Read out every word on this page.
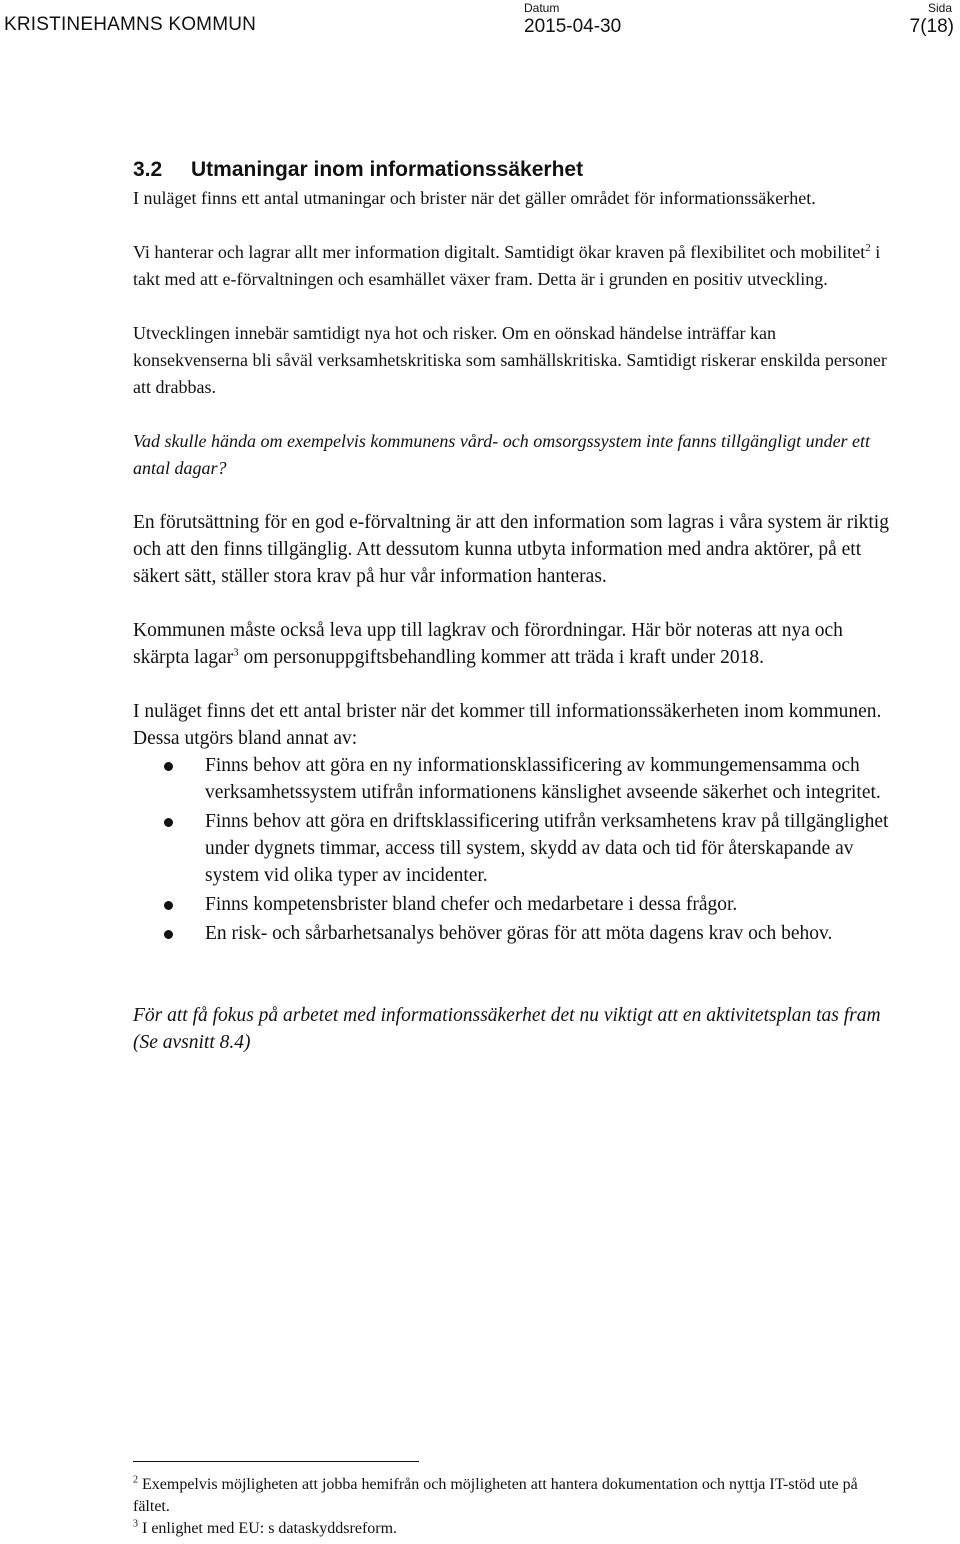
KRISTINEHAMNS KOMMUN
Datum
2015-04-30
Sida
7(18)
3.2 Utmaningar inom informationssäkerhet

I nuläget finns ett antal utmaningar och brister när det gäller området för informationssäkerhet.

Vi hanterar och lagrar allt mer information digitalt. Samtidigt ökar kraven på flexibilitet och mobilitet$^2$ i takt med att e-förvaltningen och esamhället växer fram. Detta är i grunden en positiv utveckling.

Utvecklingen innebär samtidigt nya hot och risker. Om en oönskad händelse inträffar kan konsekvenserna bli såväl verksamhetskritiska som samhällskritiska. Samtidigt riskerar enskilda personer att drabbas.

Vad skulle hända om exempelvis kommunens vård- och omsorgssystem inte fanns tillgängligt under ett antal dagar?

En förutsättning för en god e-förvaltning är att den information som lagras i våra system är riktig och att den finns tillgänglig. Att dessutom kunna utbyta information med andra aktörer, på ett säkert sätt, ställer stora krav på hur vår information hanteras.

Kommunen måste också leva upp till lagkrav och förordningar. Här bör noteras att nya och skärpta lagar$^3$ om personuppgiftsbehandling kommer att träda i kraft under 2018.

I nuläget finns det ett antal brister när det kommer till informationssäkerheten inom kommunen. Dessa utgörs bland annat av:

Finns behov att göra en ny informationsklassificering av kommungemensamma och verksamhetssystem utifrån informationens känslighet avseende säkerhet och integritet.
Finns behov att göra en driftsklassificering utifrån verksamhetens krav på tillgänglighet under dygnets timmar, access till system, skydd av data och tid för återskapande av system vid olika typer av incidenter.
Finns kompetensbrister bland chefer och medarbetare i dessa frågor.
En risk- och sårbarhetsanalys behöver göras för att möta dagens krav och behov.

För att få fokus på arbetet med informationssäkerhet det nu viktigt att en aktivitetsplan tas fram (Se avsnitt 8.4)

$^2$ Exempelvis möjligheten att jobba hemifrån och möjligheten att hantera dokumentation och nyttja IT-stöd ute på fältet.
$^3$ I enlighet med EU: s dataskyddsreform.
